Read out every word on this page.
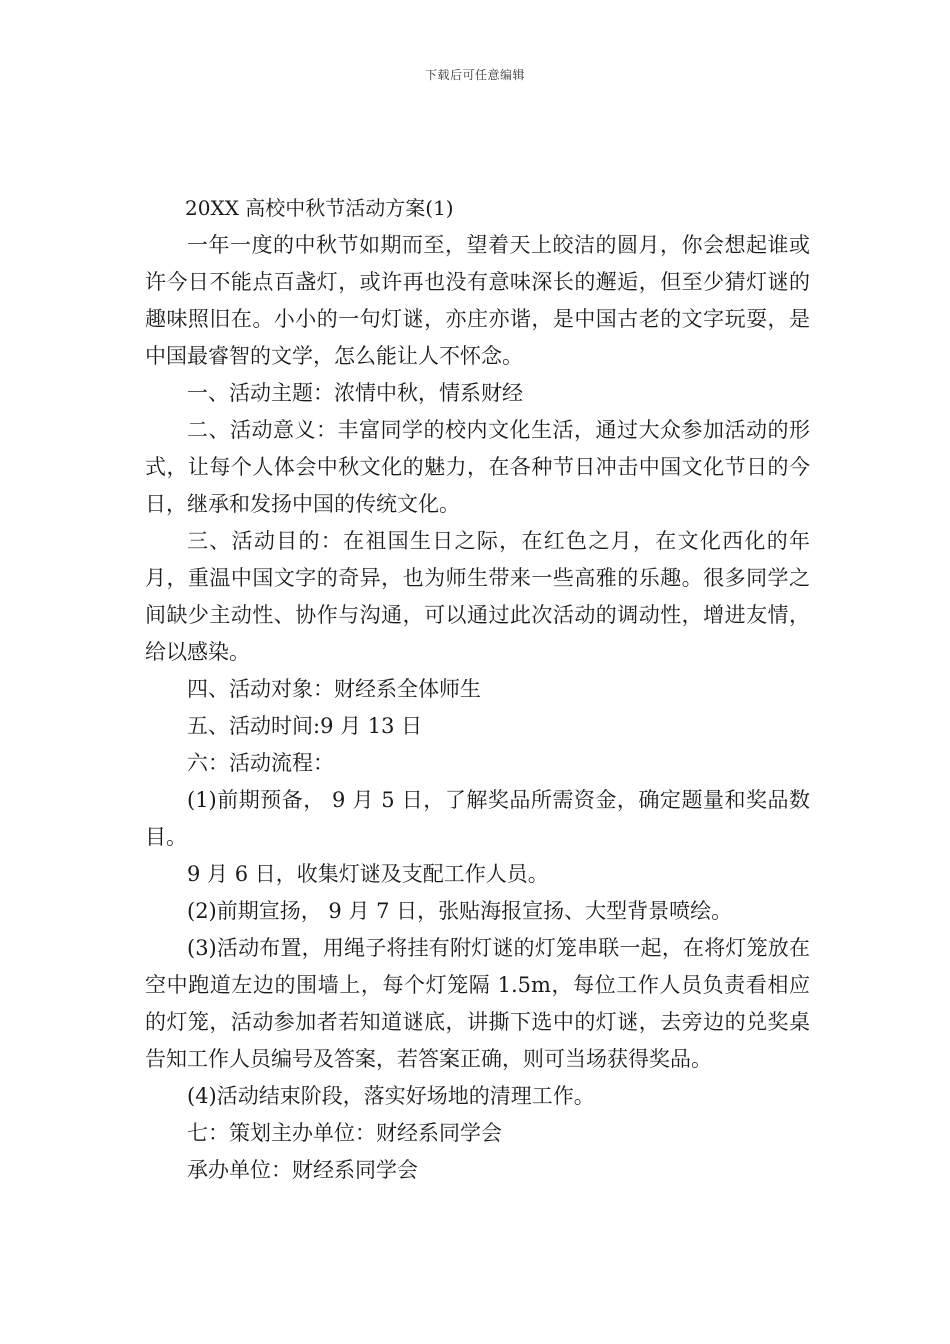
下载后可任意编辑

20XX 高校中秋节活动方案(1)

一年一度的中秋节如期而至，望着天上皎洁的圆月，你会想起谁或许今日不能点百盏灯，或许再也没有意味深长的邂逅，但至少猜灯谜的趣味照旧在。小小的一句灯谜，亦庄亦谐，是中国古老的文字玩耍，是中国最睿智的文学，怎么能让人不怀念。

一、活动主题：浓情中秋，情系财经

二、活动意义：丰富同学的校内文化生活，通过大众参加活动的形式，让每个人体会中秋文化的魅力，在各种节日冲击中国文化节日的今日，继承和发扬中国的传统文化。

三、活动目的：在祖国生日之际，在红色之月，在文化西化的年月，重温中国文字的奇异，也为师生带来一些高雅的乐趣。很多同学之间缺少主动性、协作与沟通，可以通过此次活动的调动性，增进友情，给以感染。

四、活动对象：财经系全体师生

五、活动时间:9 月 13 日

六：活动流程：

(1)前期预备， 9 月 5 日，了解奖品所需资金，确定题量和奖品数目。

9 月 6 日，收集灯谜及支配工作人员。

(2)前期宣扬， 9 月 7 日，张贴海报宣扬、大型背景喷绘。

(3)活动布置，用绳子将挂有附灯谜的灯笼串联一起，在将灯笼放在空中跑道左边的围墙上，每个灯笼隔 1.5m，每位工作人员负责看相应的灯笼，活动参加者若知道谜底，讲撕下选中的灯谜，去旁边的兑奖桌告知工作人员编号及答案，若答案正确，则可当场获得奖品。

(4)活动结束阶段，落实好场地的清理工作。

七：策划主办单位：财经系同学会

承办单位：财经系同学会
